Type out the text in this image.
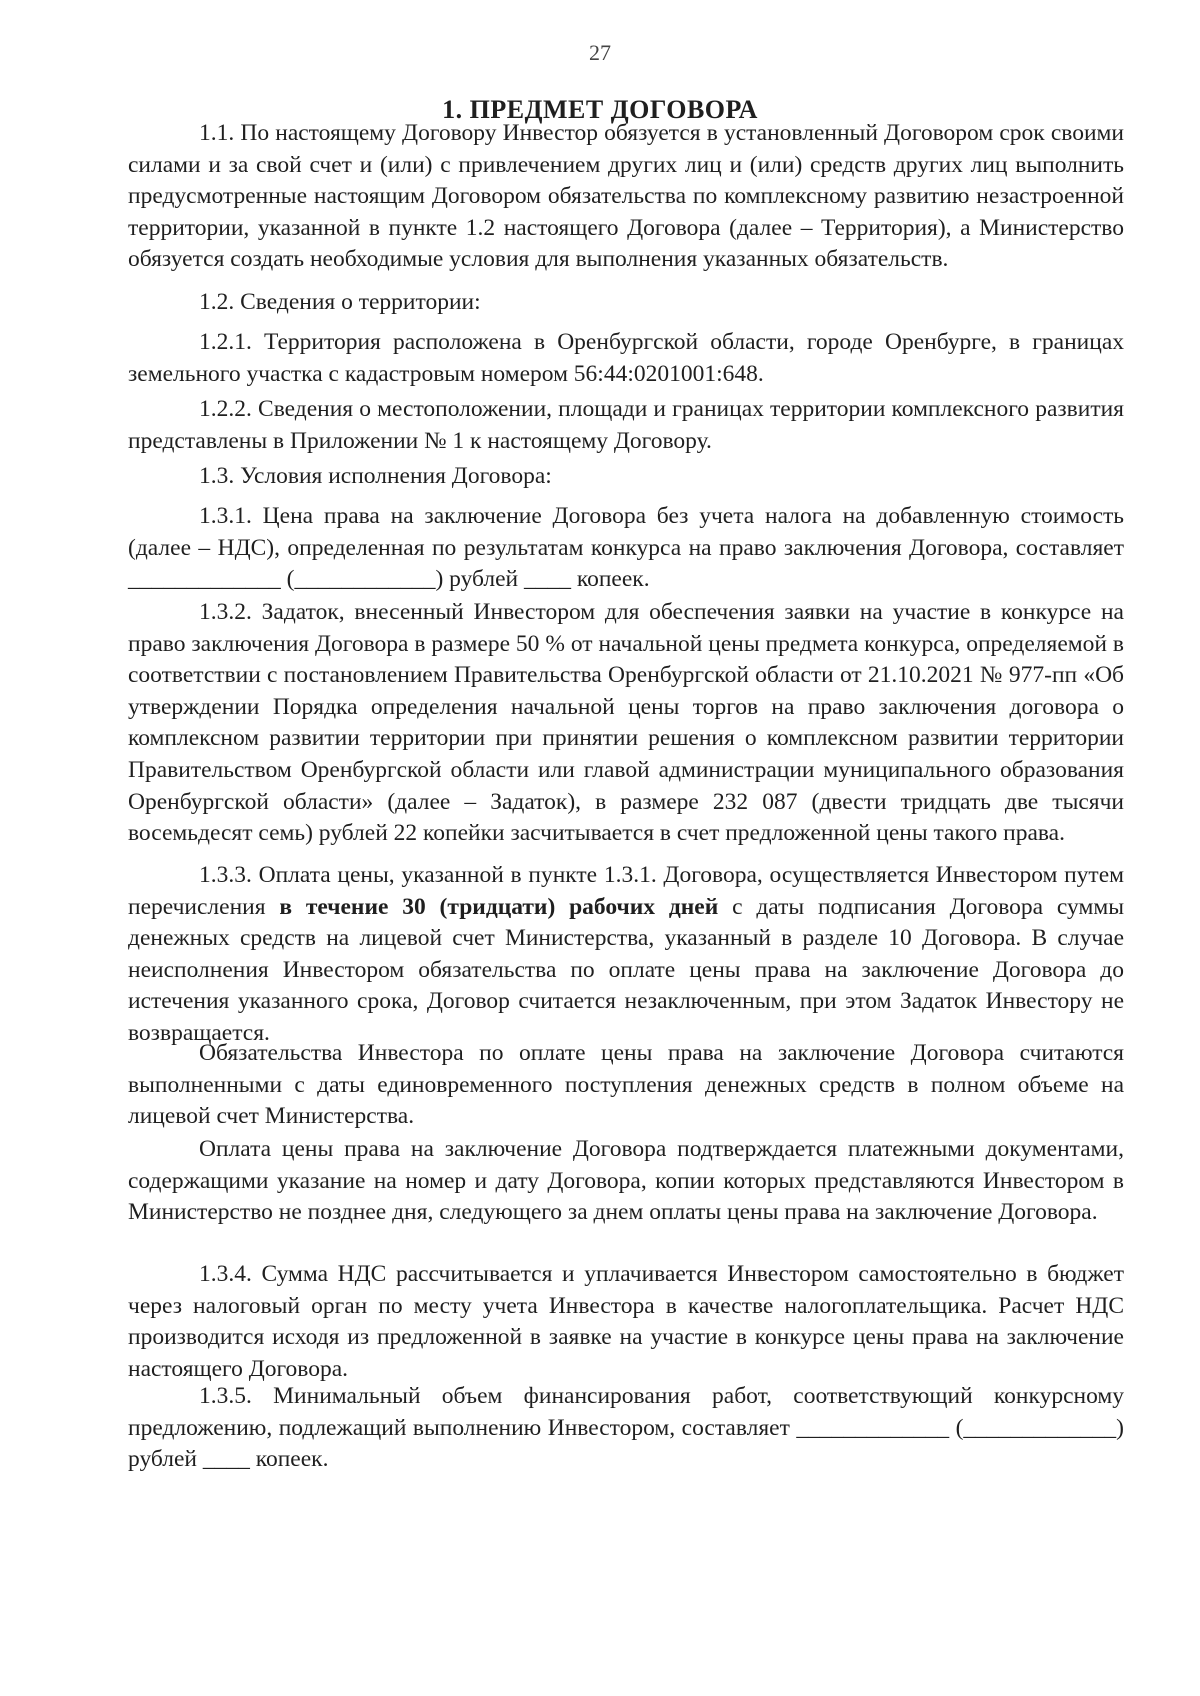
27
1. ПРЕДМЕТ ДОГОВОРА

1.1. По настоящему Договору Инвестор обязуется в установленный Договором срок своими силами и за свой счет и (или) с привлечением других лиц и (или) средств других лиц выполнить предусмотренные настоящим Договором обязательства по комплексному развитию незастроенной территории, указанной в пункте 1.2 настоящего Договора (далее – Территория), а Министерство обязуется создать необходимые условия для выполнения указанных обязательств.

1.2. Сведения о территории:

1.2.1. Территория расположена в Оренбургской области, городе Оренбурге, в границах земельного участка с кадастровым номером 56:44:0201001:648.

1.2.2. Сведения о местоположении, площади и границах территории комплексного развития представлены в Приложении № 1 к настоящему Договору.

1.3. Условия исполнения Договора:

1.3.1. Цена права на заключение Договора без учета налога на добавленную стоимость (далее – НДС), определенная по результатам конкурса на право заключения Договора, составляет _____________ (____________) рублей ____ копеек.

1.3.2. Задаток, внесенный Инвестором для обеспечения заявки на участие в конкурсе на право заключения Договора в размере 50 % от начальной цены предмета конкурса, определяемой в соответствии с постановлением Правительства Оренбургской области от 21.10.2021 № 977-пп «Об утверждении Порядка определения начальной цены торгов на право заключения договора о комплексном развитии территории при принятии решения о комплексном развитии территории Правительством Оренбургской области или главой администрации муниципального образования Оренбургской области» (далее – Задаток), в размере 232 087 (двести тридцать две тысячи восемьдесят семь) рублей 22 копейки засчитывается в счет предложенной цены такого права.

1.3.3. Оплата цены, указанной в пункте 1.3.1. Договора, осуществляется Инвестором путем перечисления в течение 30 (тридцати) рабочих дней с даты подписания Договора суммы денежных средств на лицевой счет Министерства, указанный в разделе 10 Договора. В случае неисполнения Инвестором обязательства по оплате цены права на заключение Договора до истечения указанного срока, Договор считается незаключенным, при этом Задаток Инвестору не возвращается.

Обязательства Инвестора по оплате цены права на заключение Договора считаются выполненными с даты единовременного поступления денежных средств в полном объеме на лицевой счет Министерства.

Оплата цены права на заключение Договора подтверждается платежными документами, содержащими указание на номер и дату Договора, копии которых представляются Инвестором в Министерство не позднее дня, следующего за днем оплаты цены права на заключение Договора.

1.3.4. Сумма НДС рассчитывается и уплачивается Инвестором самостоятельно в бюджет через налоговый орган по месту учета Инвестора в качестве налогоплательщика. Расчет НДС производится исходя из предложенной в заявке на участие в конкурсе цены права на заключение настоящего Договора.

1.3.5. Минимальный объем финансирования работ, соответствующий конкурсному предложению, подлежащий выполнению Инвестором, составляет _____________ (_____________) рублей ____ копеек.
